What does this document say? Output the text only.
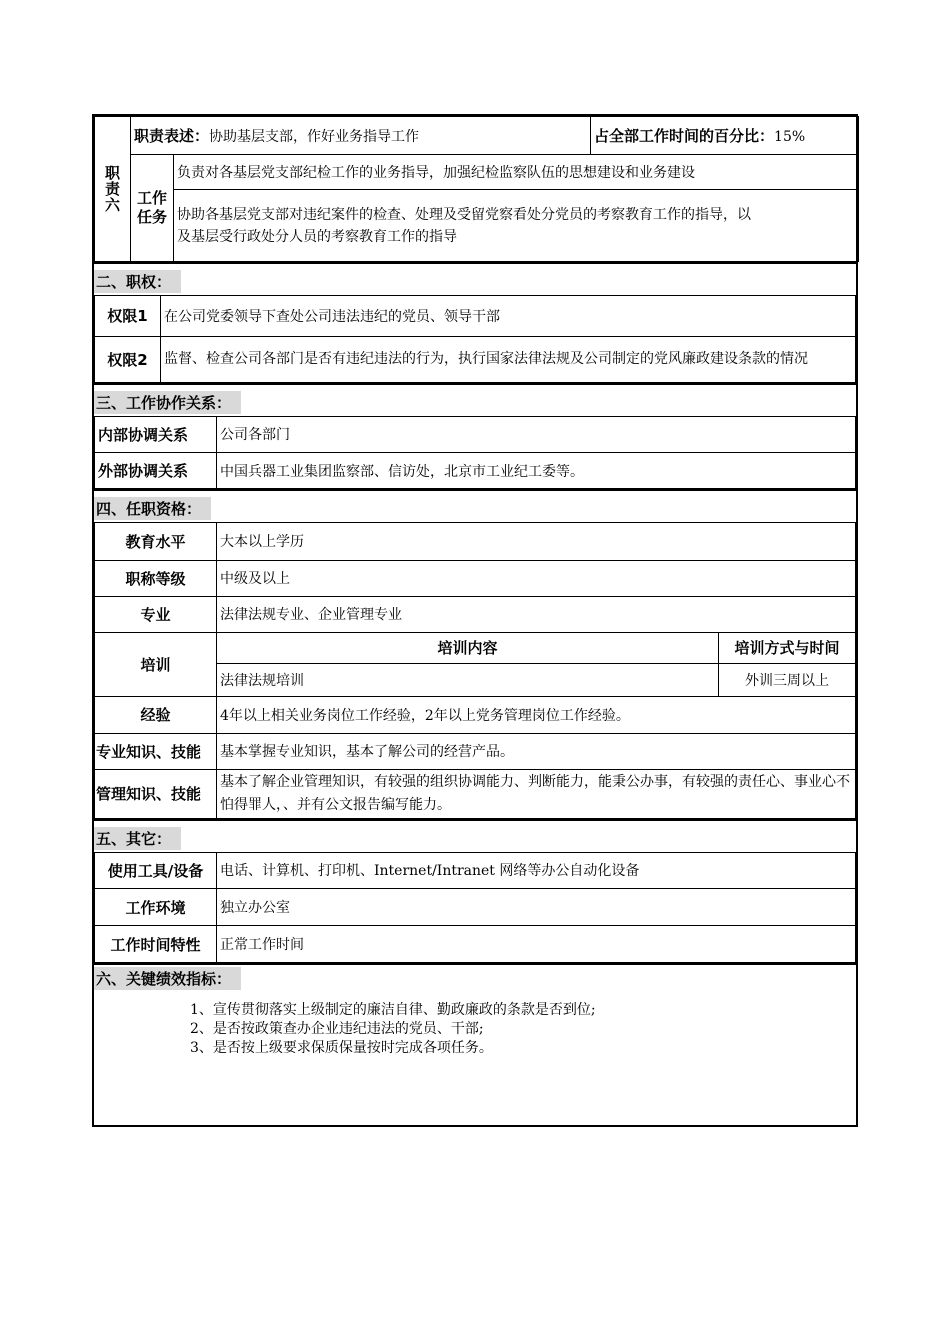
职责六	职责表述：协助基层支部，作好业务指导工作		占全部工作时间的百分比：15%

	工作任务	负责对各基层党支部纪检工作的业务指导，加强纪检监察队伍的思想建设和业务建设	

		协助各基层党支部对违纪案件的检查、处理及受留党察看处分党员的考察教育工作的指导，以
及基层受行政处分人员的考察教育工作的指导	
二、职权：
权限1	在公司党委领导下查处公司违法违纪的党员、领导干部
权限2	监督、检查公司各部门是否有违纪违法的行为，执行国家法律法规及公司制定的党风廉政建设条款的情况
三、工作协作关系：
内部协调关系	公司各部门
外部协调关系	中国兵器工业集团监察部、信访处，北京市工业纪工委等。
四、任职资格：
教育水平	大本以上学历	
职称等级	中级及以上	
专业	法律法规专业、企业管理专业	
培训	培训内容	培训方式与时间
	法律法规培训	外训三周以上
经验	4年以上相关业务岗位工作经验，2年以上党务管理岗位工作经验。	
专业知识、技能	基本掌握专业知识，基本了解公司的经营产品。	
管理知识、技能	基本了解企业管理知识，有较强的组织协调能力、判断能力，能秉公办事，有较强的责任心、事业心不怕得罪人，、并有公文报告编写能力。	
五、其它：
使用工具/设备	电话、计算机、打印机、Internet/Intranet 网络等办公自动化设备
工作环境	独立办公室
工作时间特性	正常工作时间
六、关键绩效指标：
1、宣传贯彻落实上级制定的廉洁自律、勤政廉政的条款是否到位;
2、是否按政策查办企业违纪违法的党员、干部;
3、是否按上级要求保质保量按时完成各项任务。
